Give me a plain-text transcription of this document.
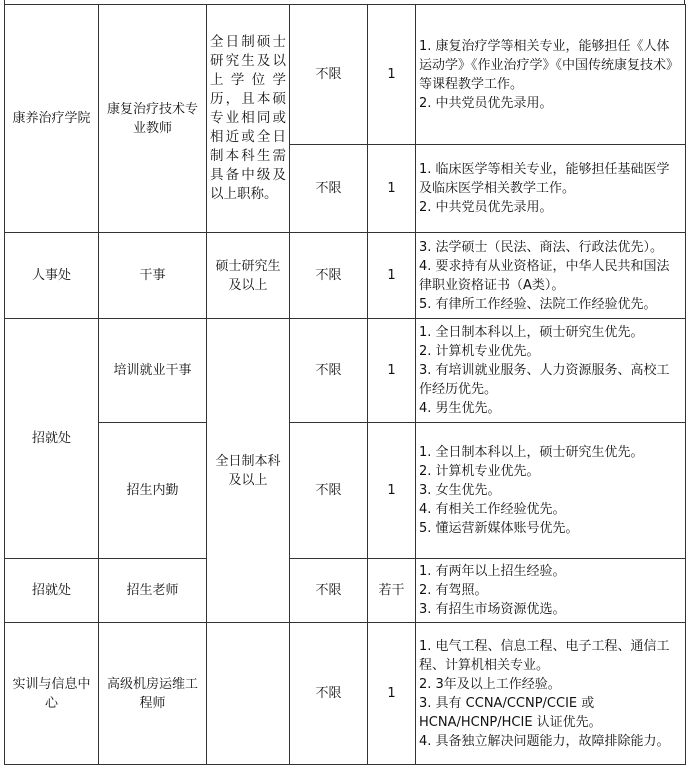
康养治疗学院	康复治疗技术专业教师	全日制硕士研究生及以上学位学历，且本硕专业相同或相近或全日制本科生需具备中级及以上职称。	不限	1	1. 康复治疗学等相关专业，能够担任《人体运动学》《作业治疗学》《中国传统康复技术》等课程教学工作。
2. 中共党员优先录用。

			不限	1	1. 临床医学等相关专业，能够担任基础医学及临床医学相关教学工作。
2. 中共党员优先录用。

人事处	干事	硕士研究生及以上	不限	1	3. 法学硕士（民法、商法、行政法优先）。
4. 要求持有从业资格证，中华人民共和国法律职业资格证书（A类）。
5. 有律所工作经验、法院工作经验优先。

招就处	培训就业干事	全日制本科及以上	不限	1	1. 全日制本科以上，硕士研究生优先。
2. 计算机专业优先。
3. 有培训就业服务、人力资源服务、高校工作经历优先。
4. 男生优先。

	招生内勤		不限	1	1. 全日制本科以上，硕士研究生优先。
2. 计算机专业优先。
3. 女生优先。
4. 有相关工作经验优先。
5. 懂运营新媒体账号优先。

招就处	招生老师		不限	若干	1. 有两年以上招生经验。
2. 有驾照。
3. 有招生市场资源优选。

实训与信息中心	高级机房运维工程师		不限	1	1. 电气工程、信息工程、电子工程、通信工程、计算机相关专业。
2. 3年及以上工作经验。
3. 具有 CCNA/CCNP/CCIE 或 HCNA/HCNP/HCIE 认证优先。
4. 具备独立解决问题能力，故障排除能力。
